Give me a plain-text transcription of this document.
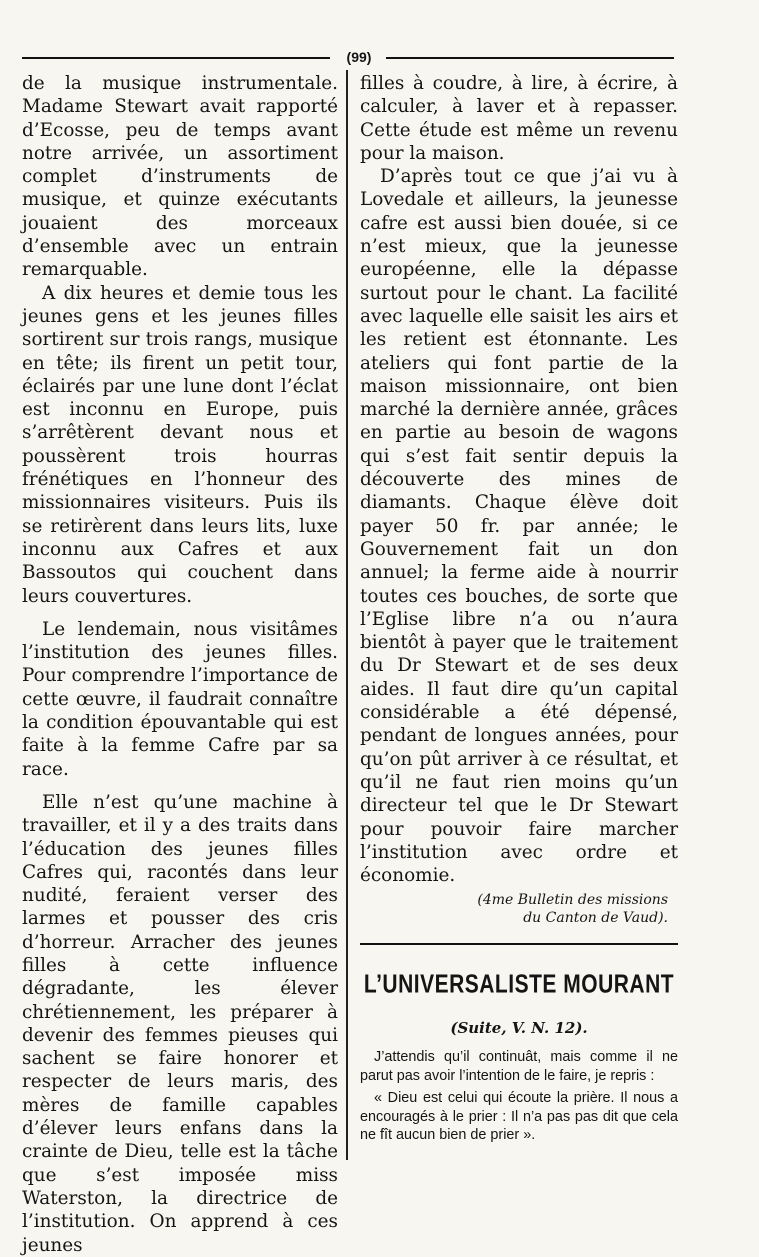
(99)

de la musique instrumentale. Madame Stewart avait rapporté d’Ecosse, peu de temps avant notre arrivée, un assortiment complet d’instruments de musique, et quinze exécutants jouaient des morceaux d’ensemble avec un entrain remarquable.

A dix heures et demie tous les jeunes gens et les jeunes filles sortirent sur trois rangs, musique en tête; ils firent un petit tour, éclairés par une lune dont l’éclat est inconnu en Europe, puis s’arrêtèrent devant nous et poussèrent trois hourras frénétiques en l’honneur des missionnaires visiteurs. Puis ils se retirèrent dans leurs lits, luxe inconnu aux Cafres et aux Bassoutos qui couchent dans leurs couvertures.

Le lendemain, nous visitâmes l’institution des jeunes filles. Pour comprendre l’importance de cette œuvre, il faudrait connaître la condition épouvantable qui est faite à la femme Cafre par sa race.

Elle n’est qu’une machine à travailler, et il y a des traits dans l’éducation des jeunes filles Cafres qui, racontés dans leur nudité, feraient verser des larmes et pousser des cris d’horreur. Arracher des jeunes filles à cette influence dégradante, les élever chrétiennement, les préparer à devenir des femmes pieuses qui sachent se faire honorer et respecter de leurs maris, des mères de famille capables d’élever leurs enfans dans la crainte de Dieu, telle est la tâche que s’est imposée miss Waterston, la directrice de l’institution. On apprend à ces jeunes

filles à coudre, à lire, à écrire, à calculer, à laver et à repasser. Cette étude est même un revenu pour la maison.

D’après tout ce que j’ai vu à Lovedale et ailleurs, la jeunesse cafre est aussi bien douée, si ce n’est mieux, que la jeunesse européenne, elle la dépasse surtout pour le chant. La facilité avec laquelle elle saisit les airs et les retient est étonnante. Les ateliers qui font partie de la maison missionnaire, ont bien marché la dernière année, grâces en partie au besoin de wagons qui s’est fait sentir depuis la découverte des mines de diamants. Chaque élève doit payer 50 fr. par année; le Gouvernement fait un don annuel; la ferme aide à nourrir toutes ces bouches, de sorte que l’Eglise libre n’a ou n’aura bientôt à payer que le traitement du Dr Stewart et de ses deux aides. Il faut dire qu’un capital considérable a été dépensé, pendant de longues années, pour qu’on pût arriver à ce résultat, et qu’il ne faut rien moins qu’un directeur tel que le Dr Stewart pour pouvoir faire marcher l’institution avec ordre et économie.

(4me Bulletin des missions
du Canton de Vaud).
L’UNIVERSALISTE MOURANT
(Suite, V. N. 12).

J’attendis qu’il continuât, mais comme il ne parut pas avoir l’intention de le faire, je repris :

« Dieu est celui qui écoute la prière. Il nous a encouragés à le prier : Il n’a pas pas dit que cela ne fît aucun bien de prier ».
